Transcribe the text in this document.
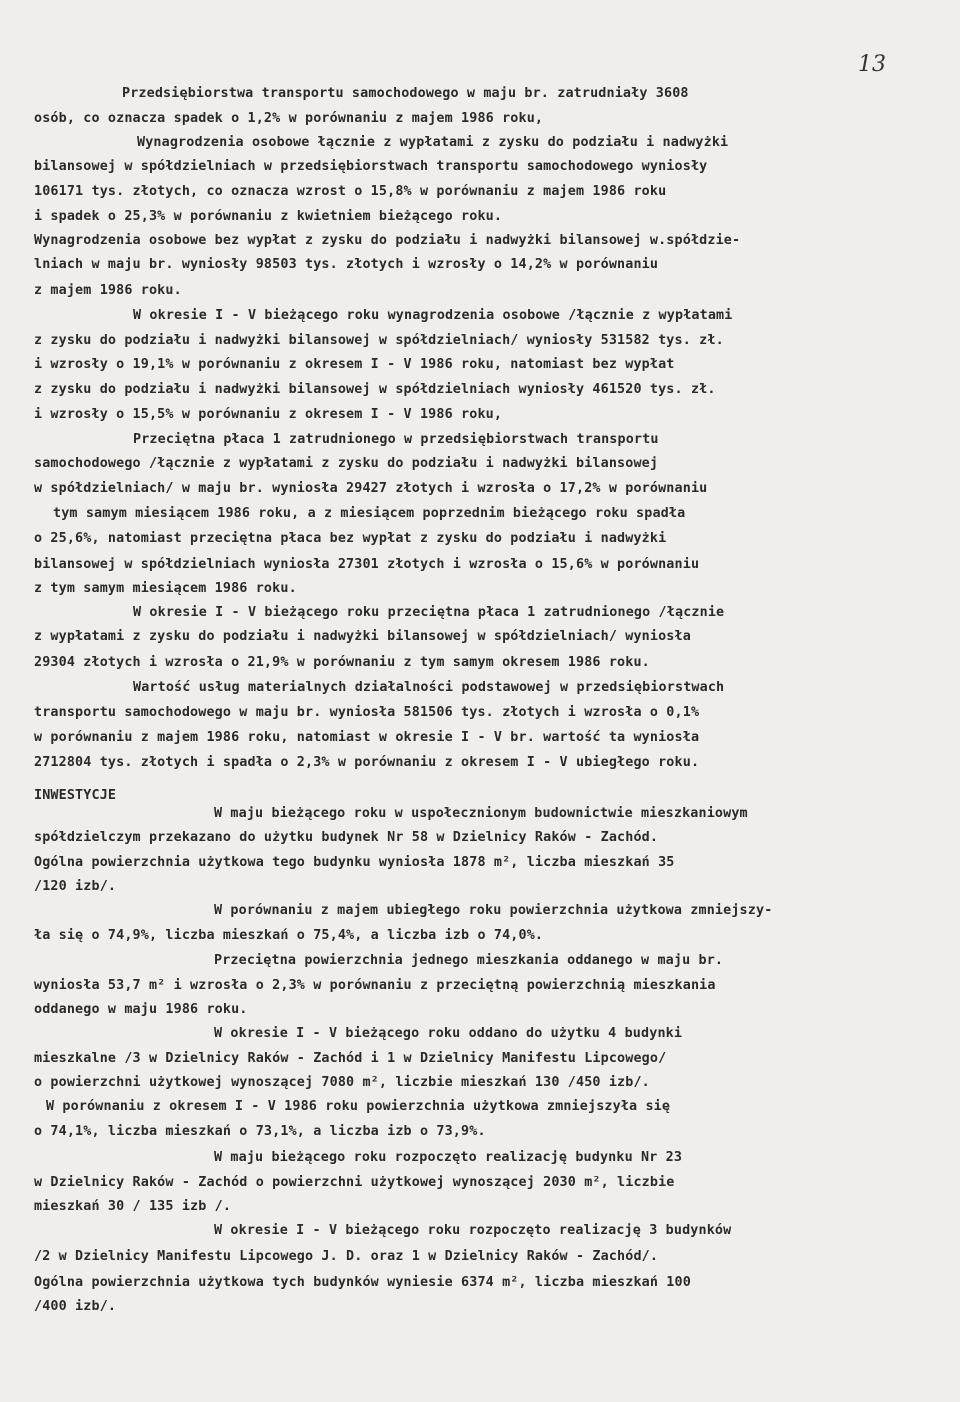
13
Przedsiębiorstwa transportu samochodowego w maju br. zatrudniały 3608
osób, co oznacza spadek o 1,2% w porównaniu z majem 1986 roku,
Wynagrodzenia osobowe łącznie z wypłatami z zysku do podziału i nadwyżki
bilansowej w spółdzielniach w przedsiębiorstwach transportu samochodowego wyniosły
106171 tys. złotych, co oznacza wzrost o 15,8% w porównaniu z majem 1986 roku
i spadek o 25,3% w porównaniu z kwietniem bieżącego roku.
Wynagrodzenia osobowe bez wypłat z zysku do podziału i nadwyżki bilansowej w.spółdzie-
lniach w maju br. wyniosły 98503 tys. złotych i wzrosły o 14,2% w porównaniu
z majem 1986 roku.
W okresie I - V bieżącego roku wynagrodzenia osobowe /łącznie z wypłatami
z zysku do podziału i nadwyżki bilansowej w spółdzielniach/ wyniosły 531582 tys. zł.
i wzrosły o 19,1% w porównaniu z okresem I - V 1986 roku, natomiast bez wypłat
z zysku do podziału i nadwyżki bilansowej w spółdzielniach wyniosły 461520 tys. zł.
i wzrosły o 15,5% w porównaniu z okresem I - V 1986 roku,
Przeciętna płaca 1 zatrudnionego w przedsiębiorstwach transportu
samochodowego /łącznie z wypłatami z zysku do podziału i nadwyżki bilansowej
w spółdzielniach/ w maju br. wyniosła 29427 złotych i wzrosła o 17,2% w porównaniu
tym samym miesiącem 1986 roku, a z miesiącem poprzednim bieżącego roku spadła
o 25,6%, natomiast przeciętna płaca bez wypłat z zysku do podziału i nadwyżki
bilansowej w spółdzielniach wyniosła 27301 złotych i wzrosła o 15,6% w porównaniu
z tym samym miesiącem 1986 roku.
W okresie I - V bieżącego roku przeciętna płaca 1 zatrudnionego /łącznie
z wypłatami z zysku do podziału i nadwyżki bilansowej w spółdzielniach/ wyniosła
29304 złotych i wzrosła o 21,9% w porównaniu z tym samym okresem 1986 roku.
Wartość usług materialnych działalności podstawowej w przedsiębiorstwach
transportu samochodowego w maju br. wyniosła 581506 tys. złotych i wzrosła o 0,1%
w porównaniu z majem 1986 roku, natomiast w okresie I - V br. wartość ta wyniosła
2712804 tys. złotych i spadła o 2,3% w porównaniu z okresem I - V ubiegłego roku.
INWESTYCJE
W maju bieżącego roku w uspołecznionym budownictwie mieszkaniowym
spółdzielczym przekazano do użytku budynek Nr 58 w Dzielnicy Raków - Zachód.
Ogólna powierzchnia użytkowa tego budynku wyniosła 1878 m², liczba mieszkań 35
/120 izb/.
W porównaniu z majem ubiegłego roku powierzchnia użytkowa zmniejszy-
ła się o 74,9%, liczba mieszkań o 75,4%, a liczba izb o 74,0%.
Przeciętna powierzchnia jednego mieszkania oddanego w maju br.
wyniosła 53,7 m² i wzrosła o 2,3% w porównaniu z przeciętną powierzchnią mieszkania
oddanego w maju 1986 roku.
W okresie I - V bieżącego roku oddano do użytku 4 budynki
mieszkalne /3 w Dzielnicy Raków - Zachód i 1 w Dzielnicy Manifestu Lipcowego/
o powierzchni użytkowej wynoszącej 7080 m², liczbie mieszkań 130 /450 izb/.
W porównaniu z okresem I - V 1986 roku powierzchnia użytkowa zmniejszyła się
o 74,1%, liczba mieszkań o 73,1%, a liczba izb o 73,9%.
W maju bieżącego roku rozpoczęto realizację budynku Nr 23
w Dzielnicy Raków - Zachód o powierzchni użytkowej wynoszącej 2030 m², liczbie
mieszkań 30 / 135 izb /.
W okresie I - V bieżącego roku rozpoczęto realizację 3 budynków
/2 w Dzielnicy Manifestu Lipcowego J. D. oraz 1 w Dzielnicy Raków - Zachód/.
Ogólna powierzchnia użytkowa tych budynków wyniesie 6374 m², liczba mieszkań 100
/400 izb/.
